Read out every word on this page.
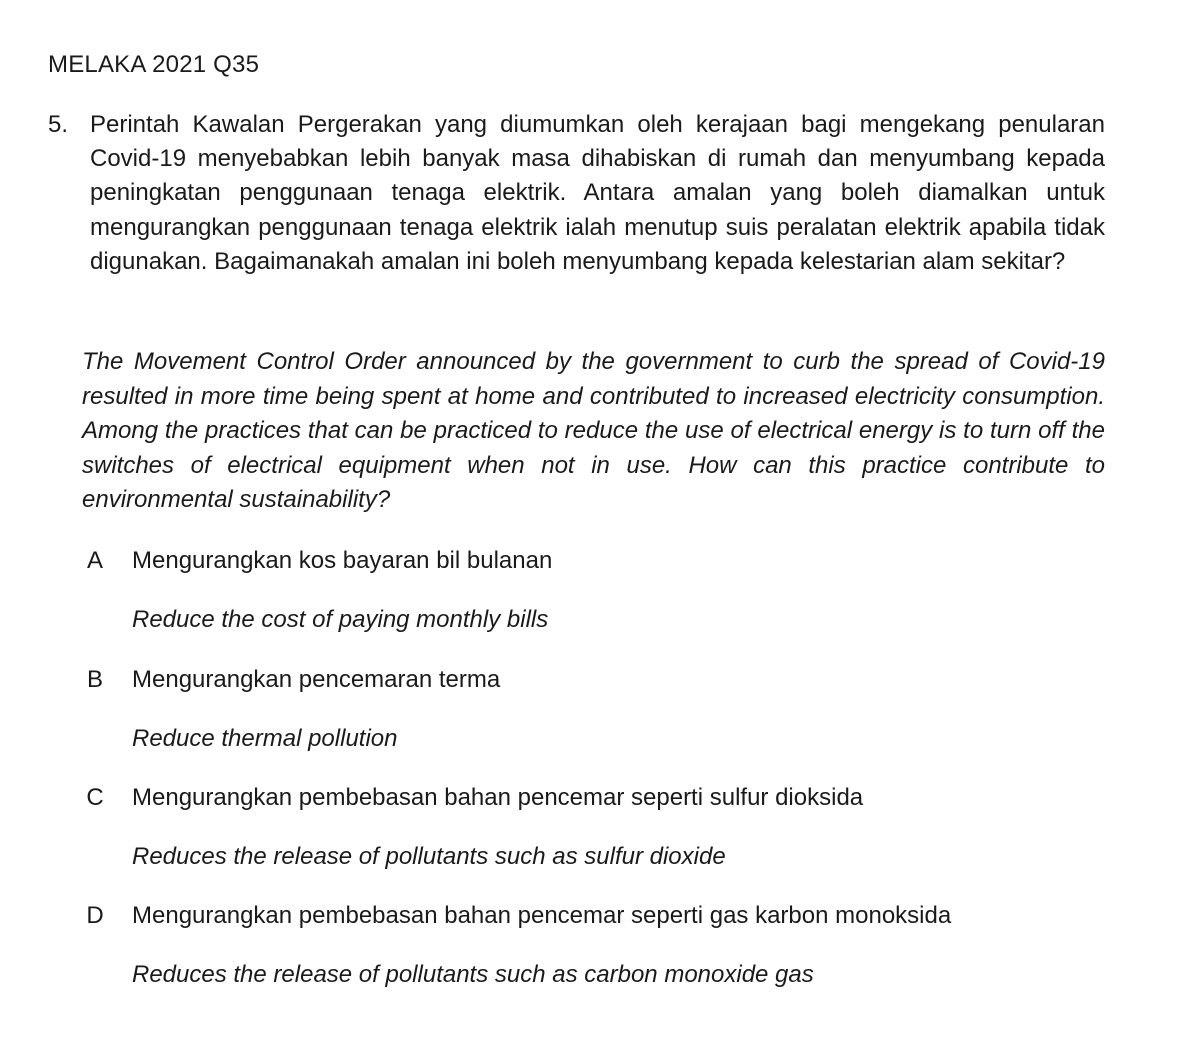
MELAKA 2021 Q35
5. Perintah Kawalan Pergerakan yang diumumkan oleh kerajaan bagi mengekang penularan Covid-19 menyebabkan lebih banyak masa dihabiskan di rumah dan menyumbang kepada peningkatan penggunaan tenaga elektrik. Antara amalan yang boleh diamalkan untuk mengurangkan penggunaan tenaga elektrik ialah menutup suis peralatan elektrik apabila tidak digunakan. Bagaimanakah amalan ini boleh menyumbang kepada kelestarian alam sekitar?
The Movement Control Order announced by the government to curb the spread of Covid-19 resulted in more time being spent at home and contributed to increased electricity consumption. Among the practices that can be practiced to reduce the use of electrical energy is to turn off the switches of electrical equipment when not in use. How can this practice contribute to environmental sustainability?
A Mengurangkan kos bayaran bil bulanan
Reduce the cost of paying monthly bills
B Mengurangkan pencemaran terma
Reduce thermal pollution
C Mengurangkan pembebasan bahan pencemar seperti sulfur dioksida
Reduces the release of pollutants such as sulfur dioxide
D Mengurangkan pembebasan bahan pencemar seperti gas karbon monoksida
Reduces the release of pollutants such as carbon monoxide gas
